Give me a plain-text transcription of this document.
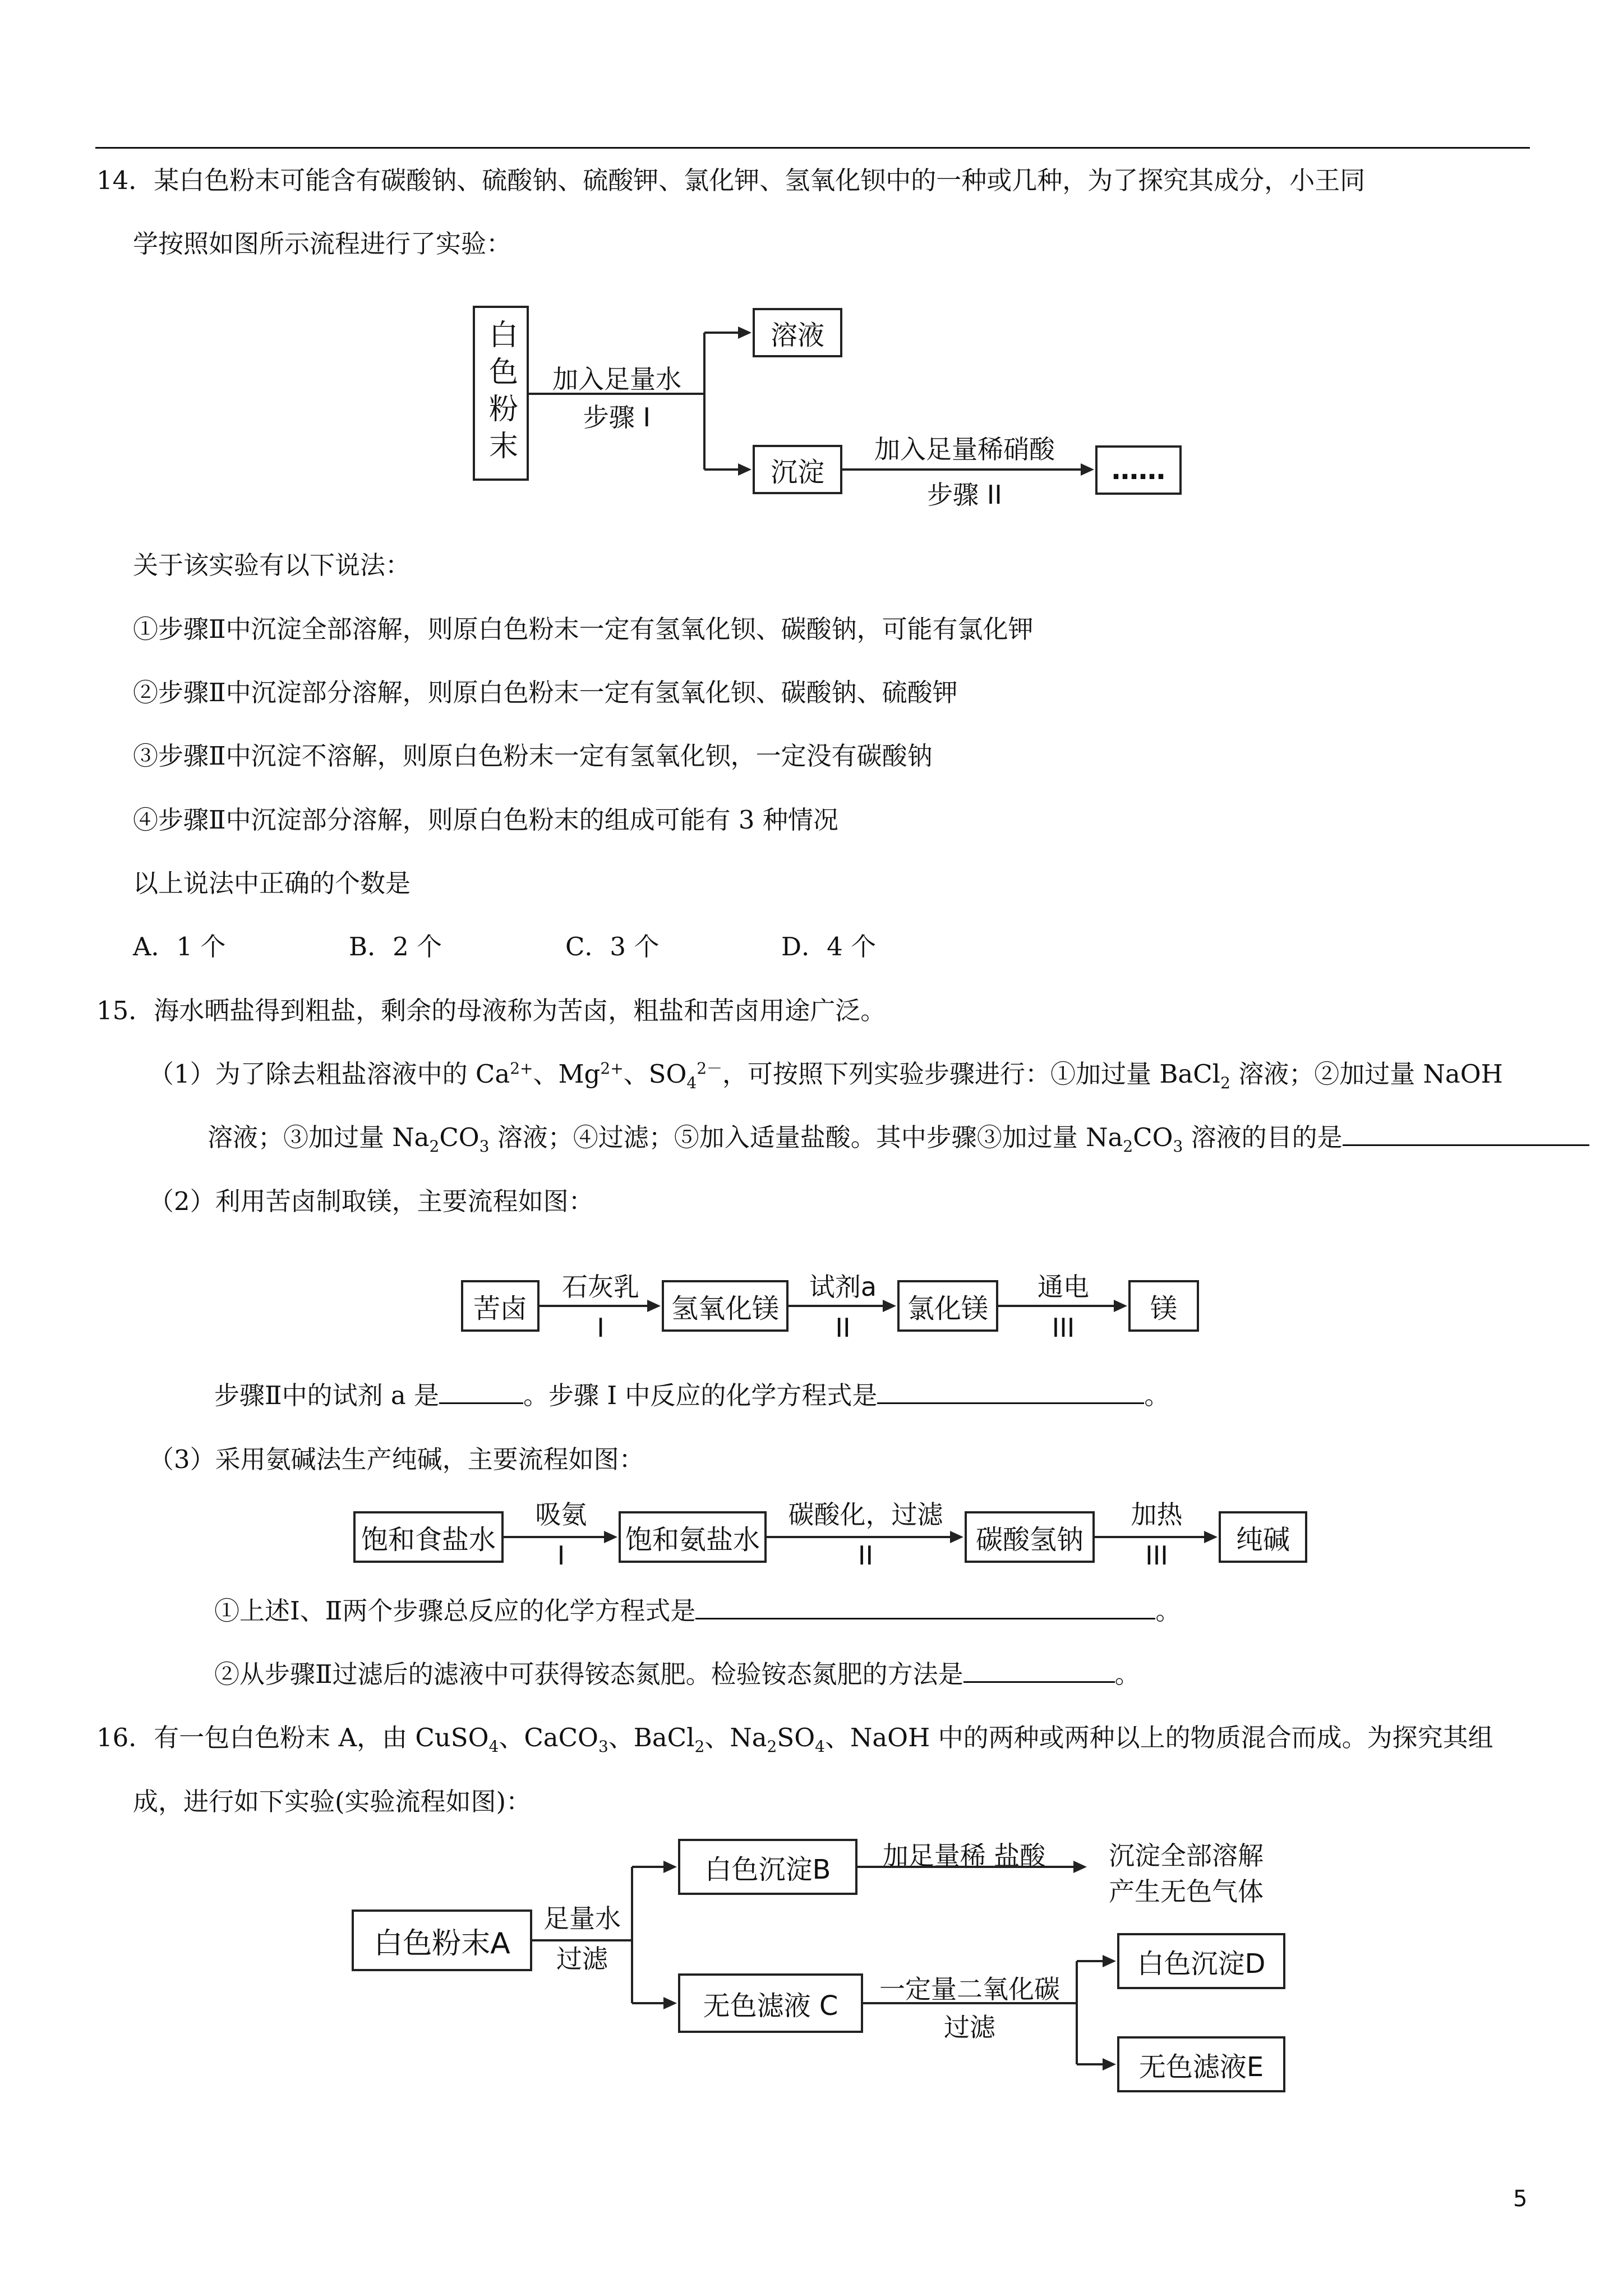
14．某白色粉末可能含有碳酸钠、硫酸钠、硫酸钾、氯化钾、氢氧化钡中的一种或几种，为了探究其成分，小王同
学按照如图所示流程进行了实验：
白色粉末	溶液
沉淀	……
加入足量水
步骤 I
加入足量稀硝酸
步骤 II
关于该实验有以下说法：
①步骤Ⅱ中沉淀全部溶解，则原白色粉末一定有氢氧化钡、碳酸钠，可能有氯化钾
②步骤Ⅱ中沉淀部分溶解，则原白色粉末一定有氢氧化钡、碳酸钠、硫酸钾
③步骤Ⅱ中沉淀不溶解，则原白色粉末一定有氢氧化钡，一定没有碳酸钠
④步骤Ⅱ中沉淀部分溶解，则原白色粉末的组成可能有 3 种情况
以上说法中正确的个数是
A．1 个	B．2 个	C．3 个	D．4 个
15．海水晒盐得到粗盐，剩余的母液称为苦卤，粗盐和苦卤用途广泛。
（1）为了除去粗盐溶液中的 $Ca^{2+}$、$Mg^{2+}$、$SO_4^{2-}$，可按照下列实验步骤进行：①加过量 BaCl$_2$ 溶液；②加过量 NaOH
溶液；③加过量 $Na_2CO_3$ 溶液；④过滤；⑤加入适量盐酸。其中步骤③加过量 $Na_2CO_3$ 溶液的目的是
（2）利用苦卤制取镁，主要流程如图：
苦卤	氢氧化镁	氯化镁	镁
石灰乳
I
试剂a
II
通电
III
步骤Ⅱ中的试剂 a 是	。步骤 I 中反应的化学方程式是	。
（3）采用氨碱法生产纯碱，主要流程如图：
饱和食盐水	饱和氨盐水	碳酸氢钠	纯碱
吸氨
I
碳酸化，过滤
II
加热
III
①上述Ⅰ、Ⅱ两个步骤总反应的化学方程式是	。
②从步骤Ⅱ过滤后的滤液中可获得铵态氮肥。检验铵态氮肥的方法是	。
16．有一包白色粉末 A，由 CuSO$_4$、CaCO$_3$、BaCl$_2$、$Na_2SO_4$、NaOH 中的两种或两种以上的物质混合而成。为探究其组
成，进行如下实验(实验流程如图)：
白色粉末A
白色沉淀B
无色滤液 C
白色沉淀D
无色滤液E
足量水
过滤
加足量稀 盐酸	沉淀全部溶解
产生无色气体
一定量二氧化碳
过滤
5
